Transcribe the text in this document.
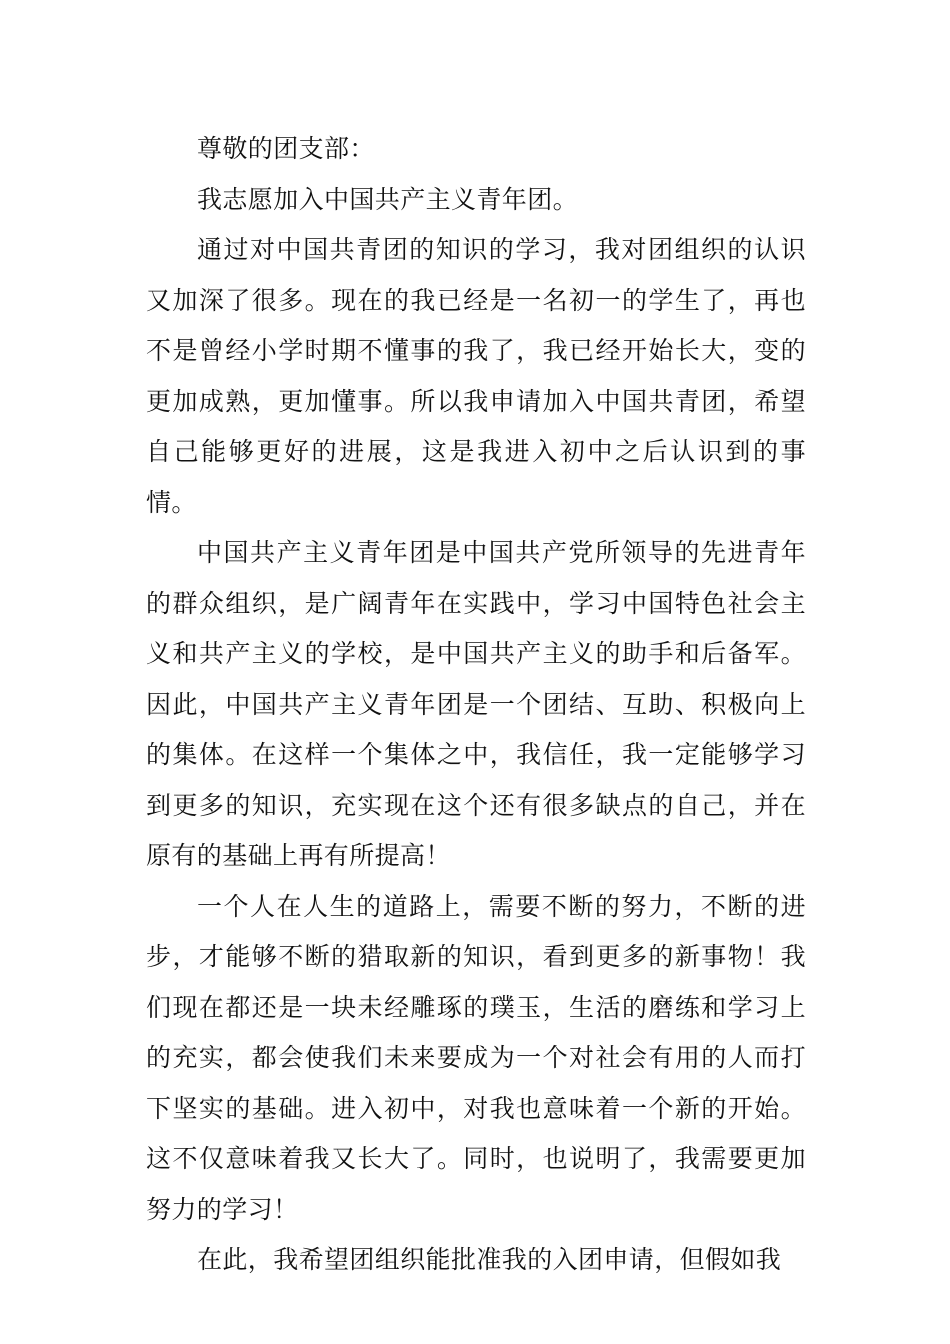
尊敬的团支部：

我志愿加入中国共产主义青年团。

通过对中国共青团的知识的学习，我对团组织的认识又加深了很多。现在的我已经是一名初一的学生了，再也不是曾经小学时期不懂事的我了，我已经开始长大，变的更加成熟，更加懂事。所以我申请加入中国共青团，希望自己能够更好的进展，这是我进入初中之后认识到的事情。

中国共产主义青年团是中国共产党所领导的先进青年的群众组织，是广阔青年在实践中，学习中国特色社会主义和共产主义的学校，是中国共产主义的助手和后备军。因此，中国共产主义青年团是一个团结、互助、积极向上的集体。在这样一个集体之中，我信任，我一定能够学习到更多的知识，充实现在这个还有很多缺点的自己，并在原有的基础上再有所提高！

一个人在人生的道路上，需要不断的努力，不断的进步，才能够不断的猎取新的知识，看到更多的新事物！我们现在都还是一块未经雕琢的璞玉，生活的磨练和学习上的充实，都会使我们未来要成为一个对社会有用的人而打下坚实的基础。进入初中，对我也意味着一个新的开始。这不仅意味着我又长大了。同时，也说明了，我需要更加努力的学习！

在此，我希望团组织能批准我的入团申请，但假如我
